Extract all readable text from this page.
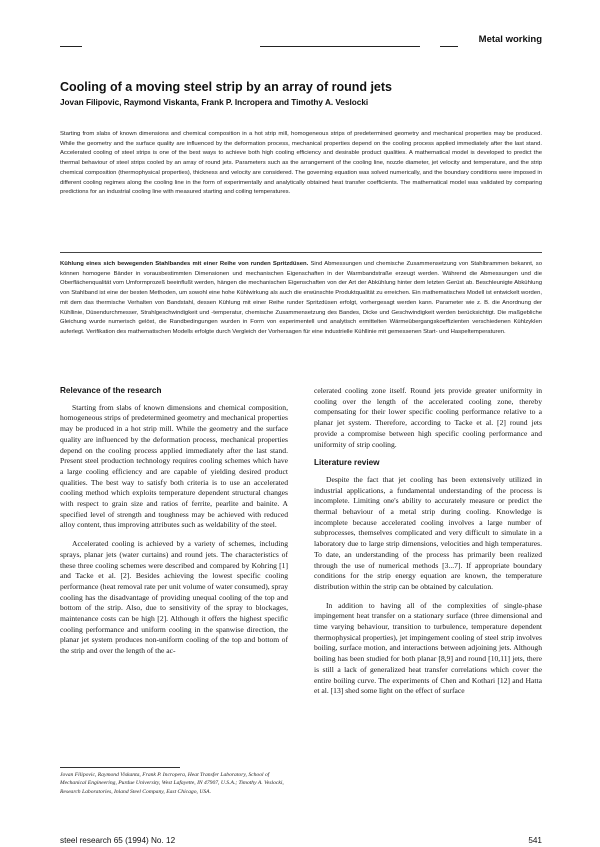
Metal working
Cooling of a moving steel strip by an array of round jets
Jovan Filipovic, Raymond Viskanta, Frank P. Incropera and Timothy A. Veslocki
Starting from slabs of known dimensions and chemical composition in a hot strip mill, homogeneous strips of predetermined geometry and mechanical properties may be produced. While the geometry and the surface quality are influenced by the deformation process, mechanical properties depend on the cooling process applied immediately after the last stand. Accelerated cooling of steel strips is one of the best ways to achieve both high cooling efficiency and desirable product qualities. A mathematical model is developed to predict the thermal behaviour of steel strips cooled by an array of round jets. Parameters such as the arrangement of the cooling line, nozzle diameter, jet velocity and temperature, and the strip chemical composition (thermophysical properties), thickness and velocity are considered. The governing equation was solved numerically, and the boundary conditions were imposed in different cooling regimes along the cooling line in the form of experimentally and analytically obtained heat transfer coefficients. The mathematical model was validated by comparing predictions for an industrial cooling line with measured starting and coiling temperatures.
Kühlung eines sich bewegenden Stahlbandes mit einer Reihe von runden Spritzdüsen. Sind Abmessungen und chemische Zusammensetzung von Stahlbrammen bekannt, so können homogene Bänder in vorausbestimmten Dimensionen und mechanischen Eigenschaften in der Warmbandstraße erzeugt werden. Während die Abmessungen und die Oberflächenqualität vom Umformprozeß beeinflußt werden, hängen die mechanischen Eigenschaften von der Art der Abkühlung hinter dem letzten Gerüst ab. Beschleunigte Abkühlung von Stahlband ist eine der besten Methoden, um sowohl eine hohe Kühlwirkung als auch die erwünschte Produktqualität zu erreichen. Ein mathematisches Modell ist entwickelt worden, mit dem das thermische Verhalten von Bandstahl, dessen Kühlung mit einer Reihe runder Spritzdüsen erfolgt, vorhergesagt werden kann. Parameter wie z. B. die Anordnung der Kühllinie, Düsendurchmesser, Strahlgeschwindigkeit und -temperatur, chemische Zusammensetzung des Bandes, Dicke und Geschwindigkeit werden berücksichtigt. Die maßgebliche Gleichung wurde numerisch gelöst, die Randbedingungen wurden in Form von experimentell und analytisch ermittelten Wärmeübergangskoeffizienten verschiedenen Kühlzyklen auferlegt. Verifikation des mathematischen Modells erfolgte durch Vergleich der Vorhersagen für eine industrielle Kühllinie mit gemessenen Start- und Haspeltemperaturen.
Relevance of the research

Starting from slabs of known dimensions and chemical composition, homogeneous strips of predetermined geometry and mechanical properties may be produced in a hot strip mill. While the geometry and the surface quality are influenced by the deformation process, mechanical properties depend on the cooling process applied immediately after the last stand. Present steel production technology requires cooling schemes which have a large cooling efficiency and are capable of yielding desired product qualities. The best way to satisfy both criteria is to use an accelerated cooling method which exploits temperature dependent structural changes with respect to grain size and ratios of ferrite, pearlite and bainite. A specified level of strength and toughness may be achieved with reduced alloy content, thus improving attributes such as weldability of the steel.

Accelerated cooling is achieved by a variety of schemes, including sprays, planar jets (water curtains) and round jets. The characteristics of these three cooling schemes were described and compared by Kohring [1] and Tacke et al. [2]. Besides achieving the lowest specific cooling performance (heat removal rate per unit volume of water consumed), spray cooling has the disadvantage of providing unequal cooling of the top and bottom of the strip. Also, due to sensitivity of the spray to blockages, maintenance costs can be high [2]. Although it offers the highest specific cooling performance and uniform cooling in the spanwise direction, the planar jet system produces non-uniform cooling of the top and bottom of the strip and over the length of the ac-

celerated cooling zone itself. Round jets provide greater uniformity in cooling over the length of the accelerated cooling zone, thereby compensating for their lower specific cooling performance relative to a planar jet system. Therefore, according to Tacke et al. [2] round jets provide a compromise between high specific cooling performance and uniformity of strip cooling.

Literature review

Despite the fact that jet cooling has been extensively utilized in industrial applications, a fundamental understanding of the process is incomplete. Limiting one's ability to accurately measure or predict the thermal behaviour of a metal strip during cooling. Knowledge is incomplete because accelerated cooling involves a large number of subprocesses, themselves complicated and very difficult to simulate in a laboratory due to large strip dimensions, velocities and high temperatures. To date, an understanding of the process has primarily been realized through the use of numerical methods [3...7]. If appropriate boundary conditions for the strip energy equation are known, the temperature distribution within the strip can be obtained by calculation.

In addition to having all of the complexities of single-phase impingement heat transfer on a stationary surface (three dimensional and time varying behaviour, transition to turbulence, temperature dependent thermophysical properties), jet impingement cooling of steel strip involves boiling, surface motion, and interactions between adjoining jets. Although boiling has been studied for both planar [8,9] and round [10,11] jets, there is still a lack of generalized heat transfer correlations which cover the entire boiling curve. The experiments of Chen and Kothari [12] and Hatta et al. [13] shed some light on the effect of surface

Jovan Filipovic, Raymond Viskanta, Frank P. Incropera, Heat Transfer Laboratory, School of Mechanical Engineering, Purdue University, West Lafayette, IN 47907, U.S.A.; Timothy A. Veslocki, Research Laboratories, Inland Steel Company, East Chicago, USA.
steel research 65 (1994) No. 12	541
